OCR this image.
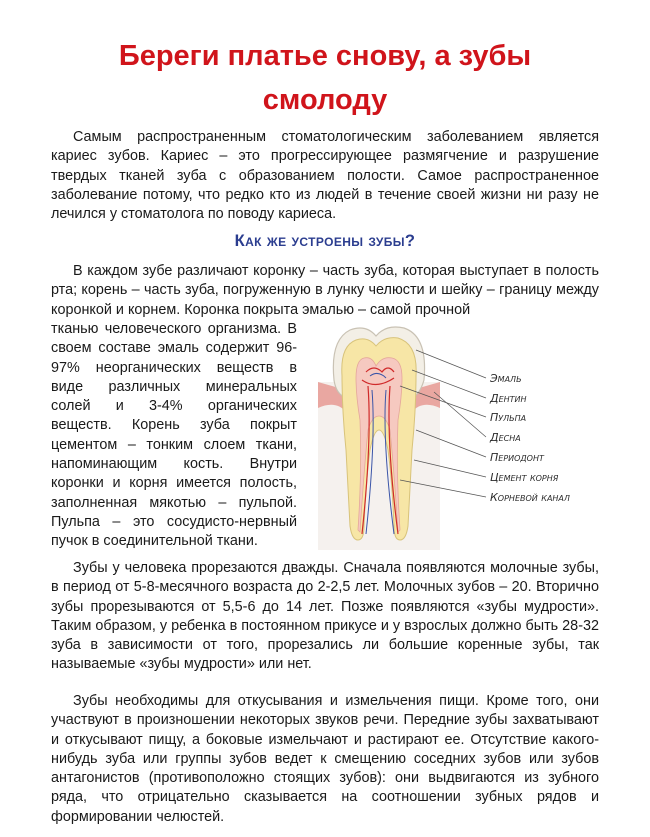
Береги платье снову, а зубы
смолоду

Самым распространенным стоматологическим заболеванием является кариес зубов. Кариес – это прогрессирующее размягчение и разрушение твердых тканей зуба с образованием полости. Самое распространенное заболевание потому, что редко кто из людей в течение своей жизни ни разу не лечился у стоматолога по поводу кариеса.

Как же устроены зубы?

В каждом зубе различают коронку – часть зуба, которая выступает в полость рта; корень – часть зуба, погруженную в лунку челюсти и шейку – границу между коронкой и корнем. Коронка покрыта эмалью – самой прочной

тканью человеческого организма. В своем составе эмаль содержит 96-97% неорганических веществ в виде различных минеральных солей и 3-4% органических веществ. Корень зуба покрыт цементом – тонким слоем ткани, напоминающим кость. Внутри коронки и корня имеется полость, заполненная мякотью – пульпой. Пульпа – это сосудисто-нервный пучок в соединительной ткани.

Эмаль
Дентин
Пульпа
Десна
Периодонт
Цемент корня
Корневой канал

Зубы у человека прорезаются дважды. Сначала появляются молочные зубы, в период от 5-8-месячного возраста до 2-2,5 лет. Молочных зубов – 20. Вторично зубы прорезываются от 5,5-6 до 14 лет. Позже появляются «зубы мудрости». Таким образом, у ребенка в постоянном прикусе и у взрослых должно быть 28-32 зуба в зависимости от того, прорезались ли большие коренные зубы, так называемые «зубы мудрости» или нет.

Зубы необходимы для откусывания и измельчения пищи. Кроме того, они участвуют в произношении некоторых звуков речи. Передние зубы захватывают и откусывают пищу, а боковые измельчают и растирают ее. Отсутствие какого-нибудь зуба или группы зубов ведет к смещению соседних зубов или зубов антагонистов (противоположно стоящих зубов): они выдвигаются из зубного ряда, что отрицательно сказывается на соотношении зубных рядов и формировании челюстей.
